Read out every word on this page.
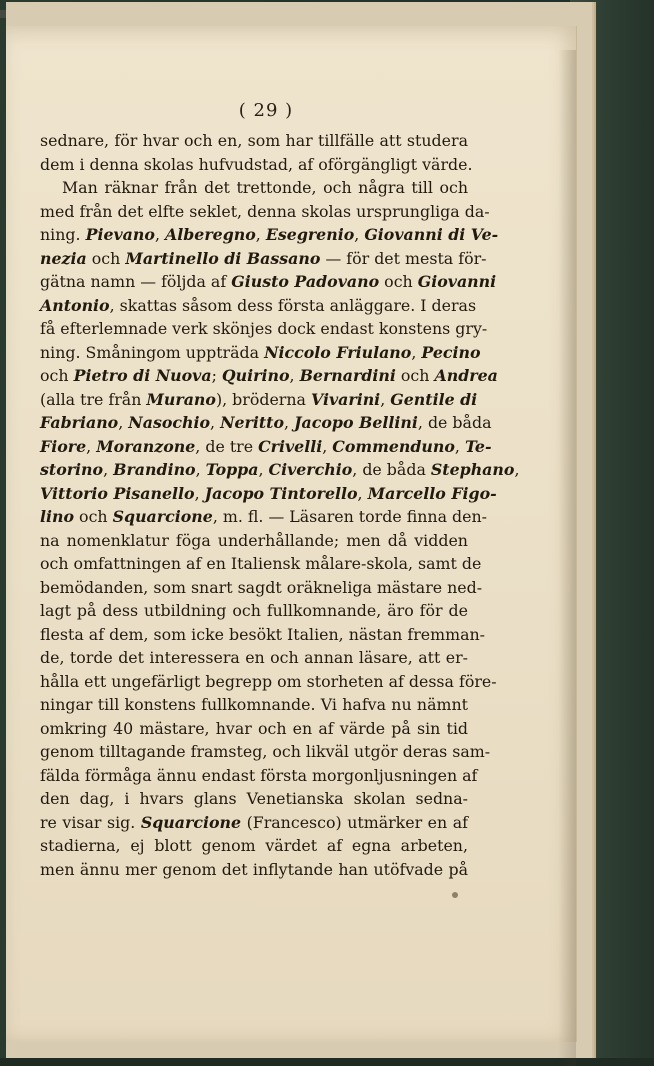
( 29 )

sednare, för hvar och en, som har tillfälle att studera

dem i denna skolas hufvudstad, af oförgängligt värde.

Man räknar från det trettonde, och några till och

med från det elfte seklet, denna skolas ursprungliga da-

ning. Pievano, Alberegno, Esegrenio, Giovanni di Ve-

nezia och Martinello di Bassano — för det mesta för-

gätna namn — följda af Giusto Padovano och Giovanni

Antonio, skattas såsom dess första anläggare. I deras

få efterlemnade verk skönjes dock endast konstens gry-

ning. Småningom uppträda Niccolo Friulano, Pecino

och Pietro di Nuova; Quirino, Bernardini och Andrea

(alla tre från Murano), bröderna Vivarini, Gentile di

Fabriano, Nasochio, Neritto, Jacopo Bellini, de båda

Fiore, Moranzone, de tre Crivelli, Commenduno, Te-

storino, Brandino, Toppa, Civerchio, de båda Stephano,

Vittorio Pisanello, Jacopo Tintorello, Marcello Figo-

lino och Squarcione, m. fl. — Läsaren torde finna den-

na nomenklatur föga underhållande; men då vidden

och omfattningen af en Italiensk målare-skola, samt de

bemödanden, som snart sagdt oräkneliga mästare ned-

lagt på dess utbildning och fullkomnande, äro för de

flesta af dem, som icke besökt Italien, nästan fremman-

de, torde det interessera en och annan läsare, att er-

hålla ett ungefärligt begrepp om storheten af dessa före-

ningar till konstens fullkomnande. Vi hafva nu nämnt

omkring 40 mästare, hvar och en af värde på sin tid

genom tilltagande framsteg, och likväl utgör deras sam-

fälda förmåga ännu endast första morgonljusningen af

den dag, i hvars glans Venetianska skolan sedna-

re visar sig. Squarcione (Francesco) utmärker en af

stadierna, ej blott genom värdet af egna arbeten,

men ännu mer genom det inflytande han utöfvade på
